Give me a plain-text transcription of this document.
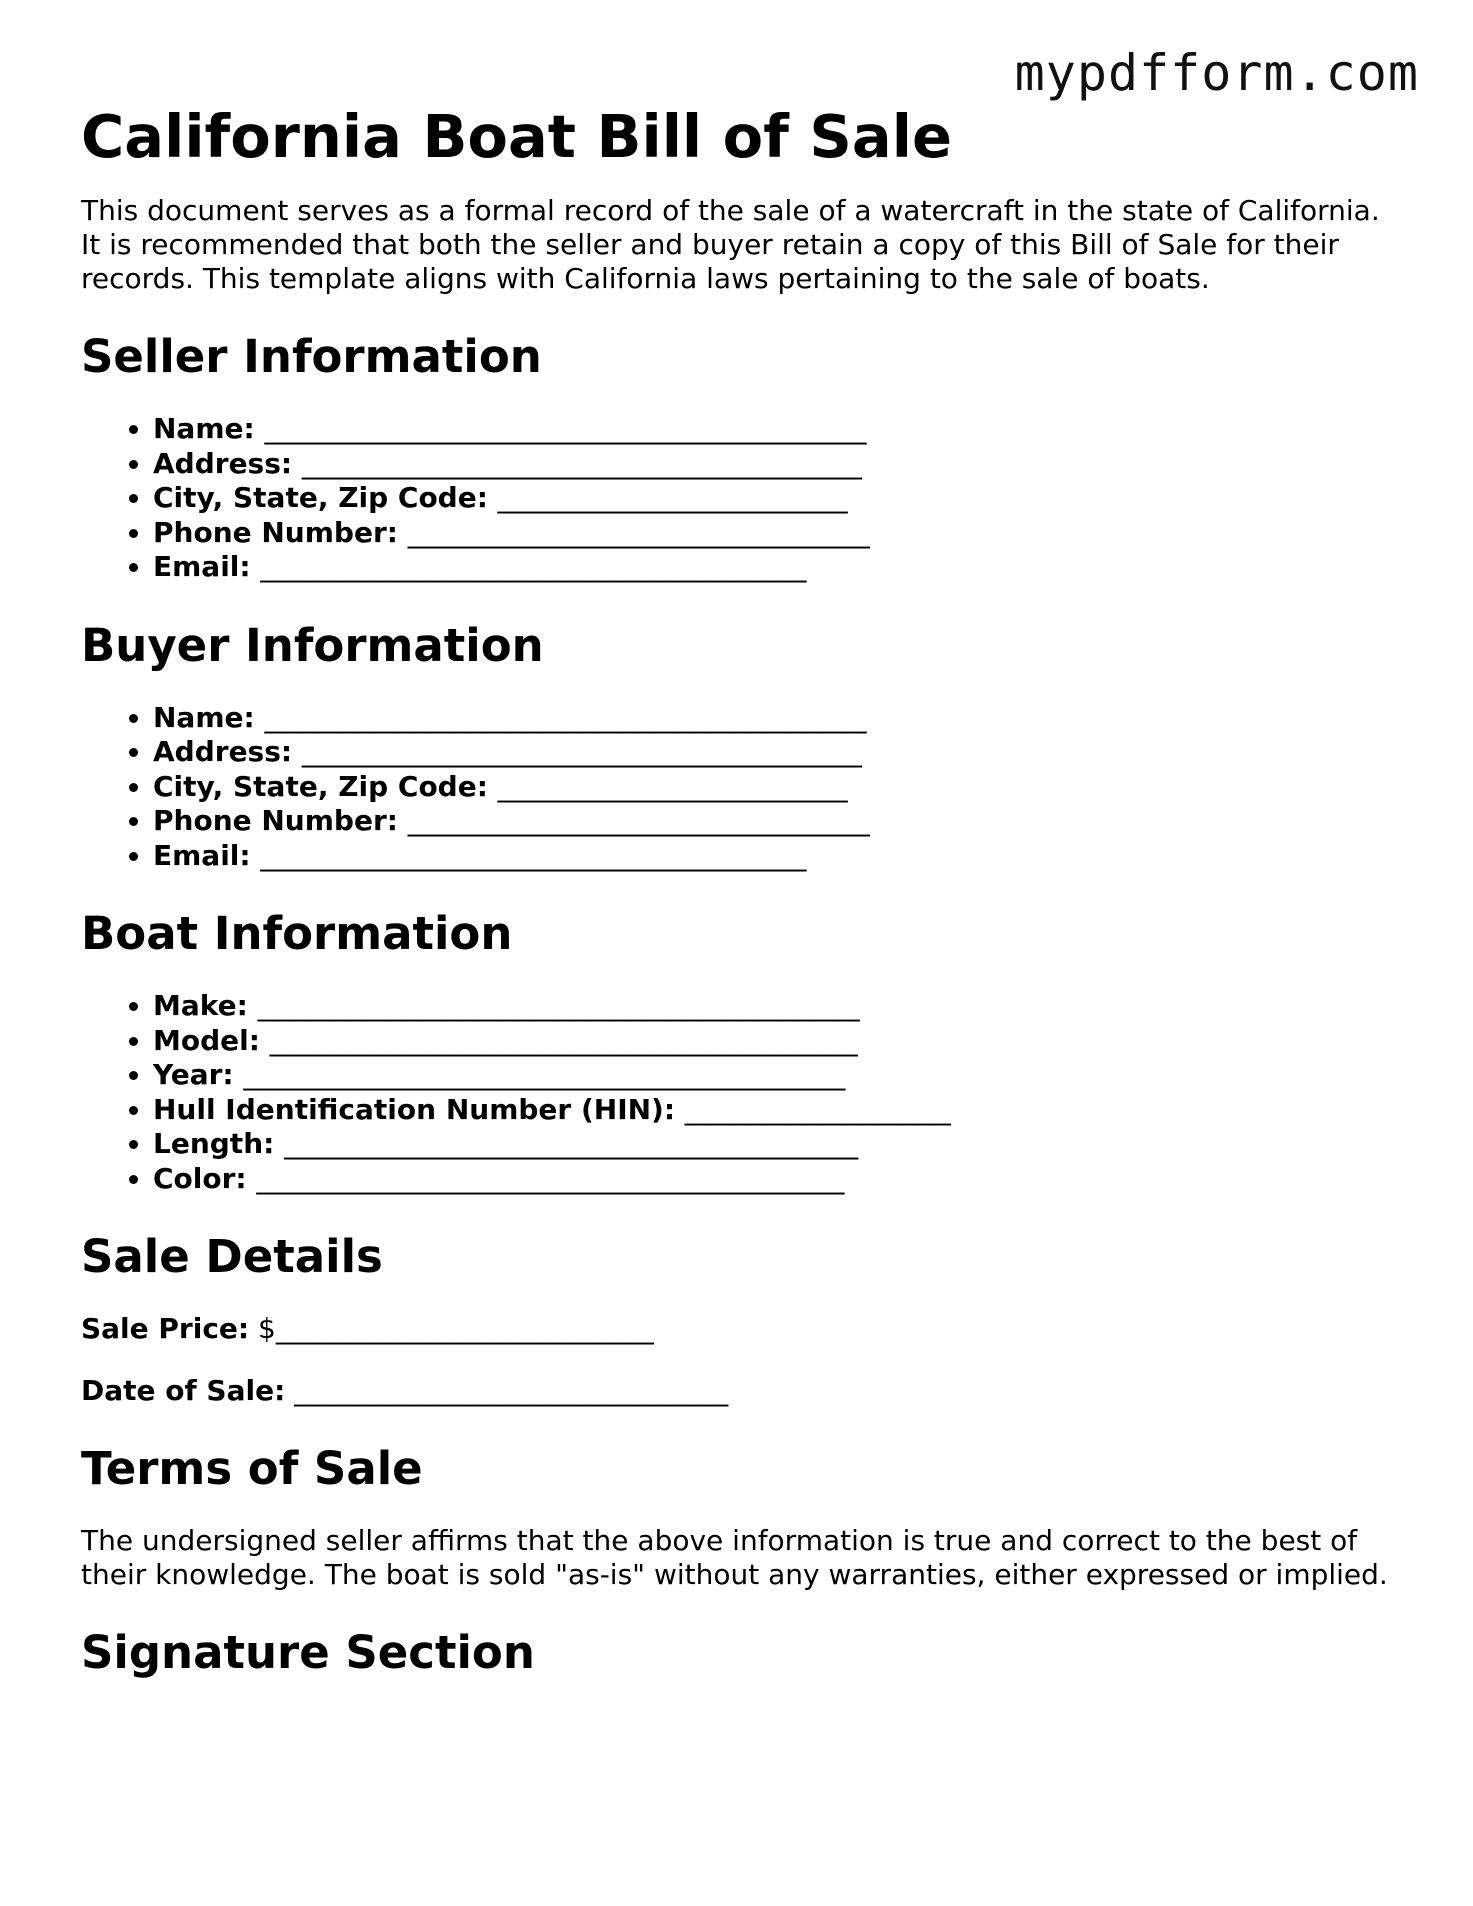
mypdfform.com
California Boat Bill of Sale

This document serves as a formal record of the sale of a watercraft in the state of California. It is recommended that both the seller and buyer retain a copy of this Bill of Sale for their records. This template aligns with California laws pertaining to the sale of boats.

Seller Information
• Name: ___________________________________________
• Address: ________________________________________
• City, State, Zip Code: _________________________
• Phone Number: _________________________________
• Email: _______________________________________
Buyer Information
• Name: ___________________________________________
• Address: ________________________________________
• City, State, Zip Code: _________________________
• Phone Number: _________________________________
• Email: _______________________________________
Boat Information
• Make: ___________________________________________
• Model: __________________________________________
• Year: ___________________________________________
• Hull Identification Number (HIN): ___________________
• Length: _________________________________________
• Color: __________________________________________
Sale Details

Sale Price: $___________________________

Date of Sale: _______________________________

Terms of Sale

The undersigned seller affirms that the above information is true and correct to the best of their knowledge. The boat is sold "as-is" without any warranties, either expressed or implied.

Signature Section
